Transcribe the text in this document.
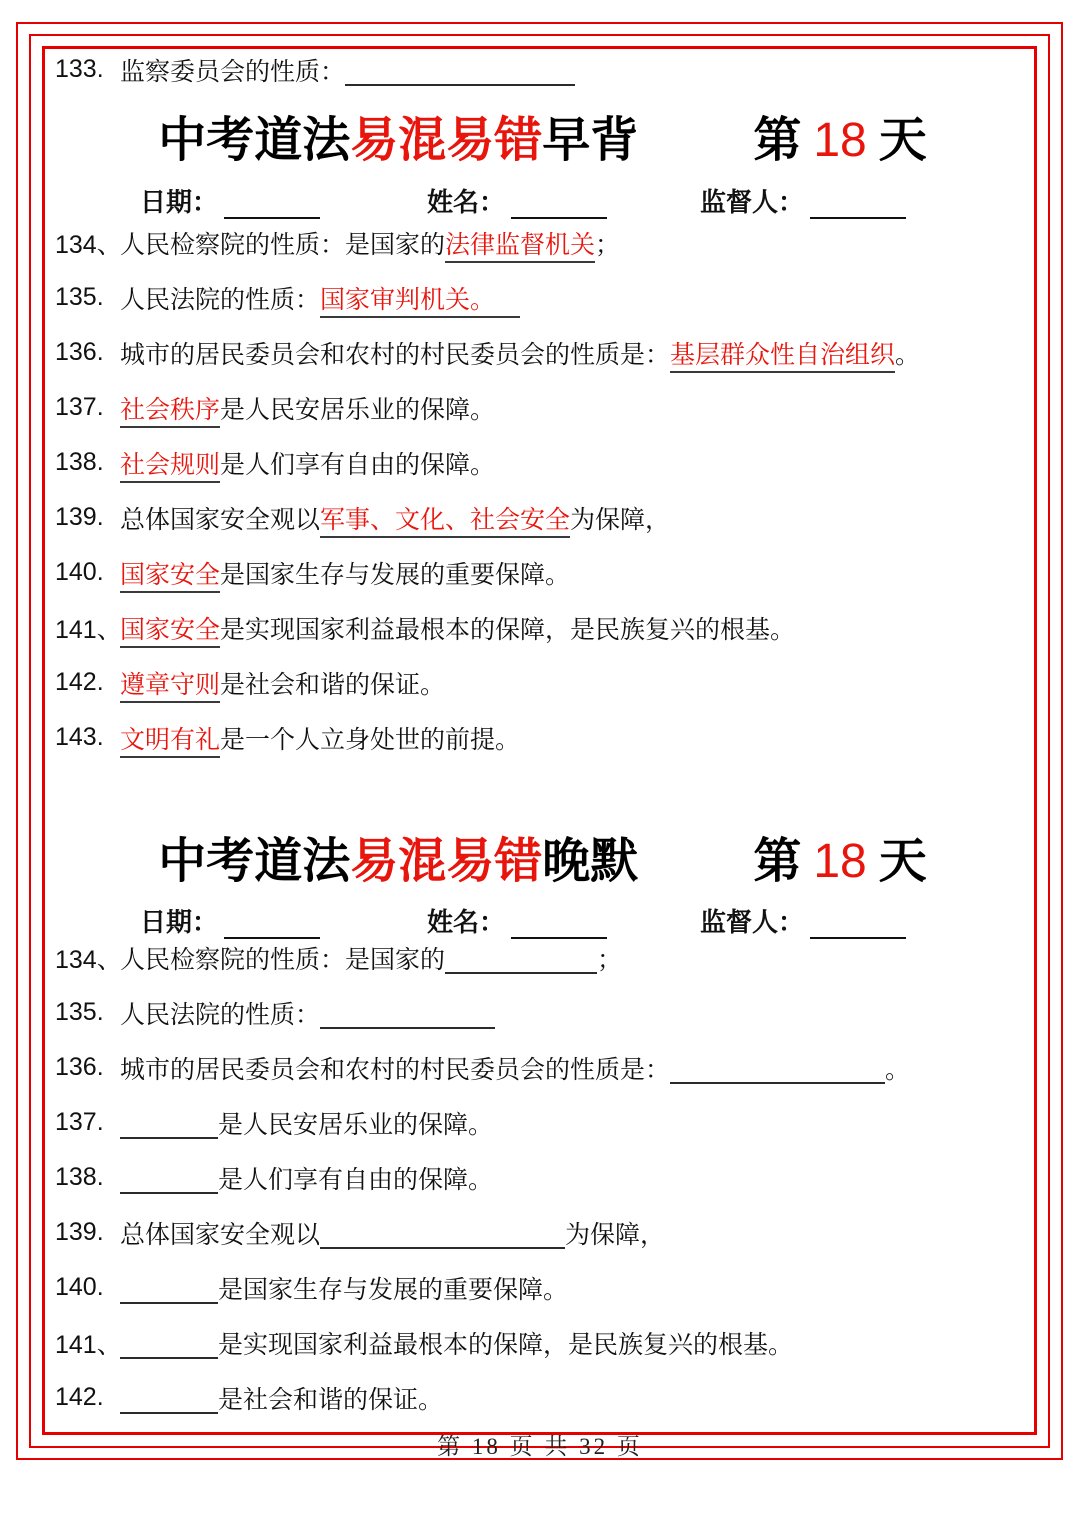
133. 监察委员会的性质：
中考道法易混易错早背 第 18 天
日期：	姓名：	监督人：
134、
人民检察院的性质：是国家的法律监督机关；
135. 人民法院的性质：国家审判机关。
136. 城市的居民委员会和农村的村民委员会的性质是：基层群众性自治组织。
137. 社会秩序是人民安居乐业的保障。
138. 社会规则是人们享有自由的保障。
139. 总体国家安全观以军事、文化、社会安全为保障，
140. 国家安全是国家生存与发展的重要保障。
141、
国家安全是实现国家利益最根本的保障，是民族复兴的根基。
142. 遵章守则是社会和谐的保证。
143. 文明有礼是一个人立身处世的前提。
中考道法易混易错晚默 第 18 天
日期：	姓名：	监督人：
134、
人民检察院的性质：是国家的	；
135. 人民法院的性质：
136. 城市的居民委员会和农村的村民委员会的性质是：	。
137.	是人民安居乐业的保障。
138.	是人们享有自由的保障。
139. 总体国家安全观以	为保障，
140.	是国家生存与发展的重要保障。
141、	是实现国家利益最根本的保障，是民族复兴的根基。
142.	是社会和谐的保证。
第 18 页 共 32 页
